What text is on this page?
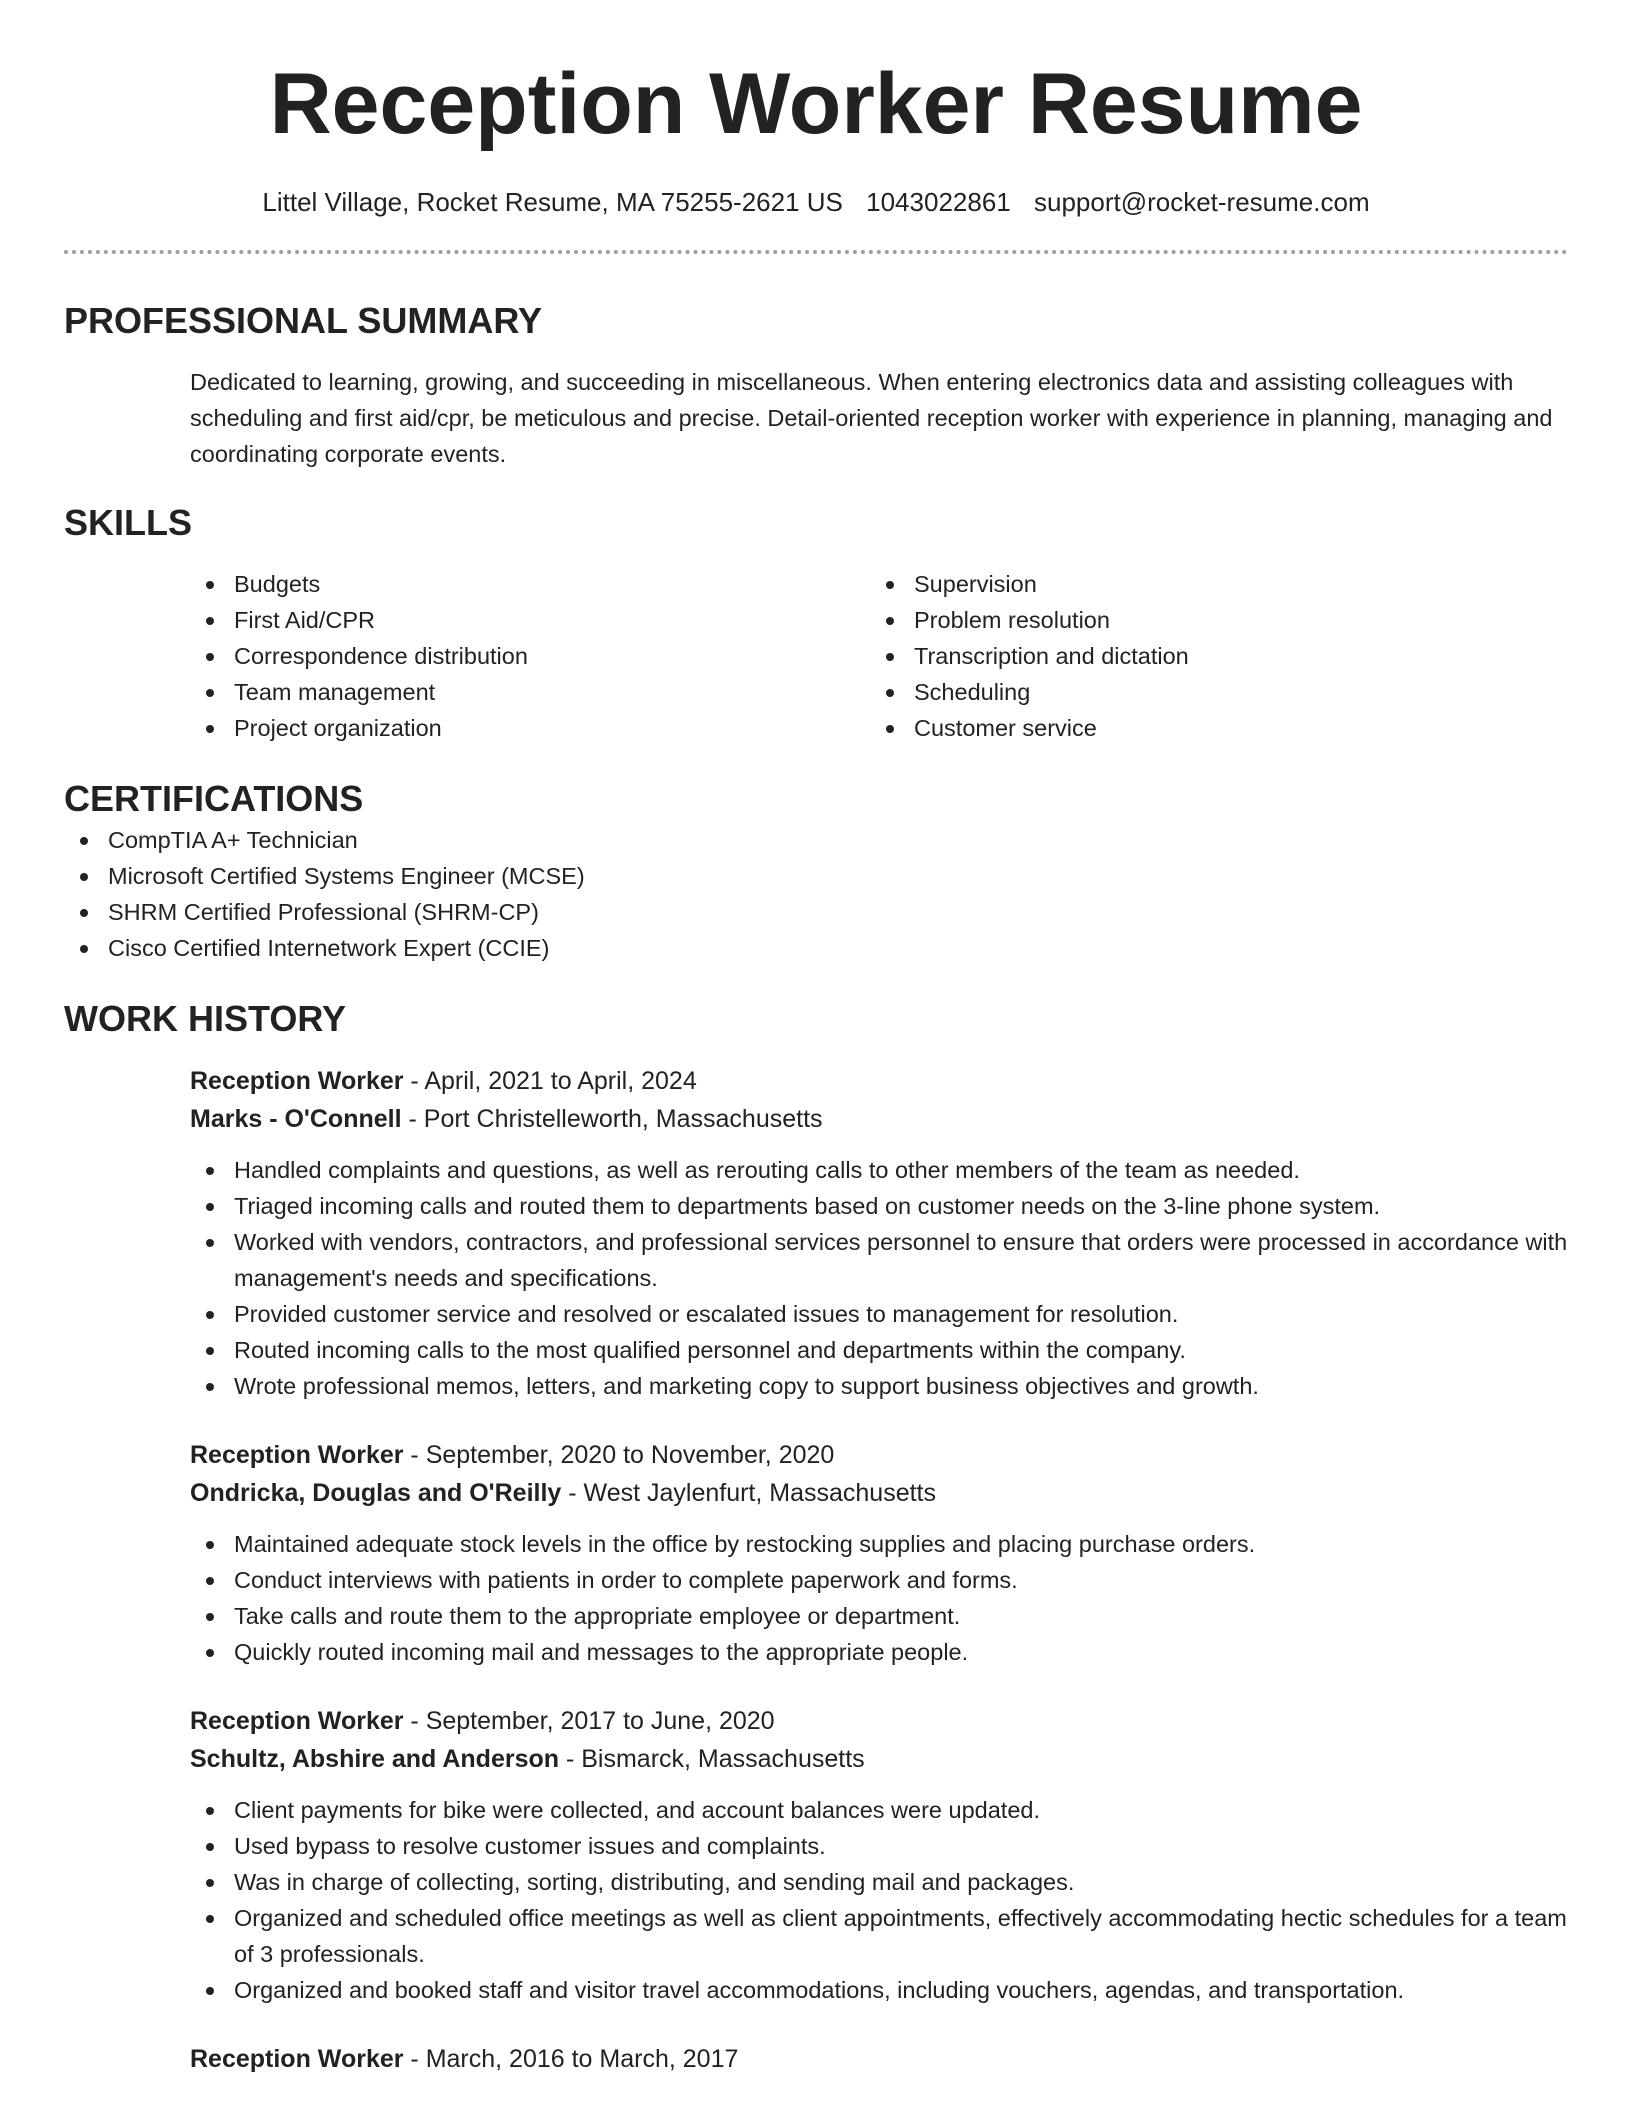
Reception Worker Resume
Littel Village, Rocket Resume, MA 75255-2621 US 1043022861 support@rocket-resume.com
PROFESSIONAL SUMMARY

Dedicated to learning, growing, and succeeding in miscellaneous. When entering electronics data and assisting colleagues with scheduling and first aid/cpr, be meticulous and precise. Detail-oriented reception worker with experience in planning, managing and coordinating corporate events.

SKILLS
Budgets
First Aid/CPR
Correspondence distribution
Team management
Project organization
Supervision
Problem resolution
Transcription and dictation
Scheduling
Customer service
CERTIFICATIONS
CompTIA A+ Technician
Microsoft Certified Systems Engineer (MCSE)
SHRM Certified Professional (SHRM-CP)
Cisco Certified Internetwork Expert (CCIE)
WORK HISTORY
Reception Worker - April, 2021 to April, 2024
Marks - O'Connell - Port Christelleworth, Massachusetts
Handled complaints and questions, as well as rerouting calls to other members of the team as needed.
Triaged incoming calls and routed them to departments based on customer needs on the 3-line phone system.
Worked with vendors, contractors, and professional services personnel to ensure that orders were processed in accordance with management's needs and specifications.
Provided customer service and resolved or escalated issues to management for resolution.
Routed incoming calls to the most qualified personnel and departments within the company.
Wrote professional memos, letters, and marketing copy to support business objectives and growth.
Reception Worker - September, 2020 to November, 2020
Ondricka, Douglas and O'Reilly - West Jaylenfurt, Massachusetts
Maintained adequate stock levels in the office by restocking supplies and placing purchase orders.
Conduct interviews with patients in order to complete paperwork and forms.
Take calls and route them to the appropriate employee or department.
Quickly routed incoming mail and messages to the appropriate people.
Reception Worker - September, 2017 to June, 2020
Schultz, Abshire and Anderson - Bismarck, Massachusetts
Client payments for bike were collected, and account balances were updated.
Used bypass to resolve customer issues and complaints.
Was in charge of collecting, sorting, distributing, and sending mail and packages.
Organized and scheduled office meetings as well as client appointments, effectively accommodating hectic schedules for a team of 3 professionals.
Organized and booked staff and visitor travel accommodations, including vouchers, agendas, and transportation.
Reception Worker - March, 2016 to March, 2017
